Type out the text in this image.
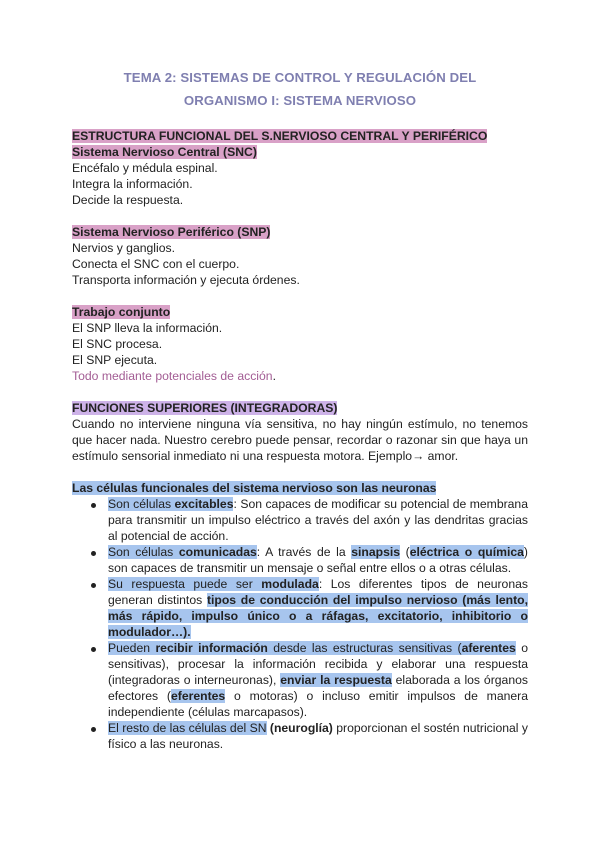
TEMA 2: SISTEMAS DE CONTROL Y REGULACIÓN DEL
ORGANISMO I: SISTEMA NERVIOSO
ESTRUCTURA FUNCIONAL DEL S.NERVIOSO CENTRAL Y PERIFÉRICO
Sistema Nervioso Central (SNC)
Encéfalo y médula espinal.
Integra la información.
Decide la respuesta.
Sistema Nervioso Periférico (SNP)
Nervios y ganglios.
Conecta el SNC con el cuerpo.
Transporta información y ejecuta órdenes.
Trabajo conjunto
El SNP lleva la información.
El SNC procesa.
El SNP ejecuta.
Todo mediante potenciales de acción.
FUNCIONES SUPERIORES (INTEGRADORAS)
Cuando no interviene ninguna vía sensitiva, no hay ningún estímulo, no tenemos
que hacer nada. Nuestro cerebro puede pensar, recordar o razonar sin que haya un
estímulo sensorial inmediato ni una respuesta motora. Ejemplo→ amor.
Las células funcionales del sistema nervioso son las neuronas
Son células excitables: Son capaces de modificar su potencial de membrana
para transmitir un impulso eléctrico a través del axón y las dendritas gracias
al potencial de acción.
Son células comunicadas: A través de la sinapsis (eléctrica o química)
son capaces de transmitir un mensaje o señal entre ellos o a otras células.
Su respuesta puede ser modulada: Los diferentes tipos de neuronas
generan distintos tipos de conducción del impulso nervioso (más lento,
más rápido, impulso único o a ráfagas, excitatorio, inhibitorio o
modulador…).
Pueden recibir información desde las estructuras sensitivas (aferentes o
sensitivas), procesar la información recibida y elaborar una respuesta
(integradoras o interneuronas), enviar la respuesta elaborada a los órganos
efectores (eferentes o motoras) o incluso emitir impulsos de manera
independiente (células marcapasos).
El resto de las células del SN (neuroglía) proporcionan el sostén nutricional y
físico a las neuronas.
